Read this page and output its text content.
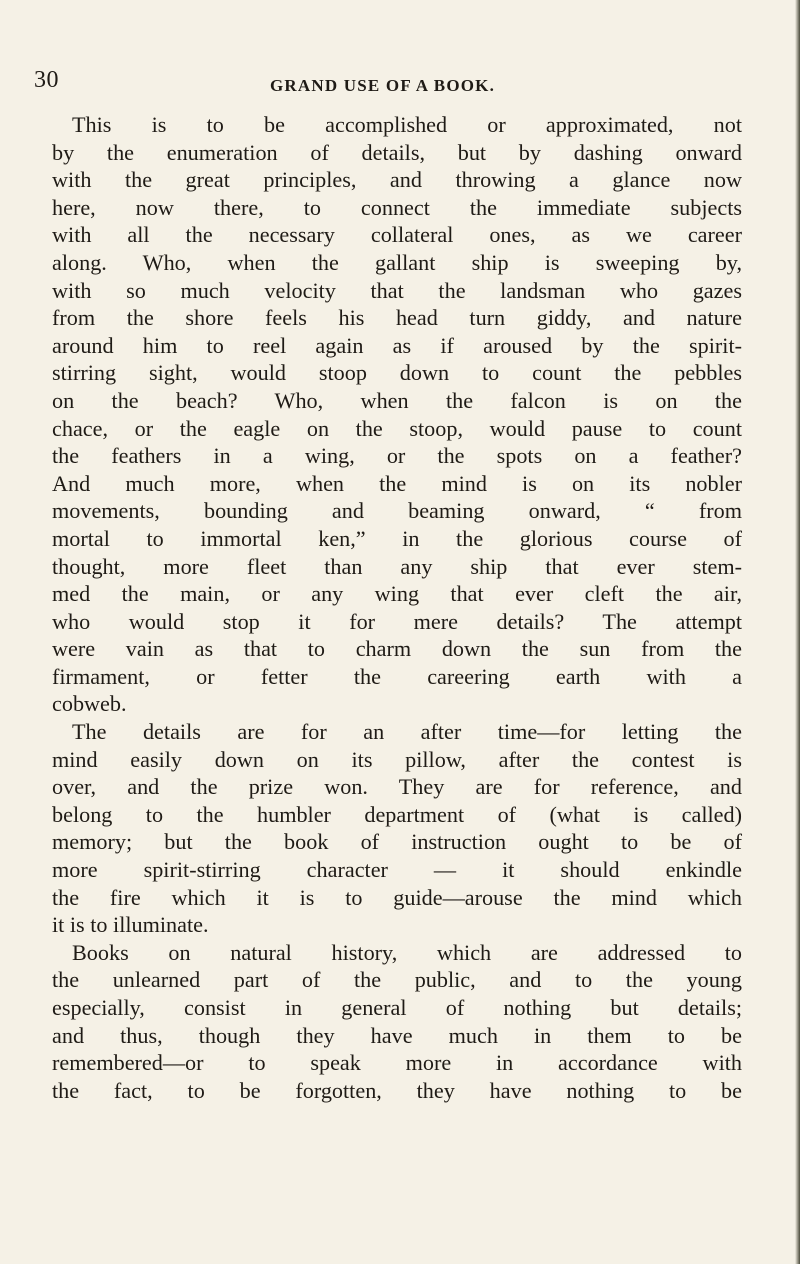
30	GRAND USE OF A BOOK.
This is to be accomplished or approximated, not
by the enumeration of details, but by dashing onward
with the great principles, and throwing a glance now
here, now there, to connect the immediate subjects
with all the necessary collateral ones, as we career
along. Who, when the gallant ship is sweeping by,
with so much velocity that the landsman who gazes
from the shore feels his head turn giddy, and nature
around him to reel again as if aroused by the spirit-
stirring sight, would stoop down to count the pebbles
on the beach? Who, when the falcon is on the
chace, or the eagle on the stoop, would pause to count
the feathers in a wing, or the spots on a feather?
And much more, when the mind is on its nobler
movements, bounding and beaming onward, “ from
mortal to immortal ken,” in the glorious course of
thought, more fleet than any ship that ever stem-
med the main, or any wing that ever cleft the air,
who would stop it for mere details? The attempt
were vain as that to charm down the sun from the
firmament, or fetter the careering earth with a
cobweb.
The details are for an after time—for letting the
mind easily down on its pillow, after the contest is
over, and the prize won. They are for reference, and
belong to the humbler department of (what is called)
memory; but the book of instruction ought to be of
more spirit-stirring character — it should enkindle
the fire which it is to guide—arouse the mind which
it is to illuminate.
Books on natural history, which are addressed to
the unlearned part of the public, and to the young
especially, consist in general of nothing but details;
and thus, though they have much in them to be
remembered—or to speak more in accordance with
the fact, to be forgotten, they have nothing to be
